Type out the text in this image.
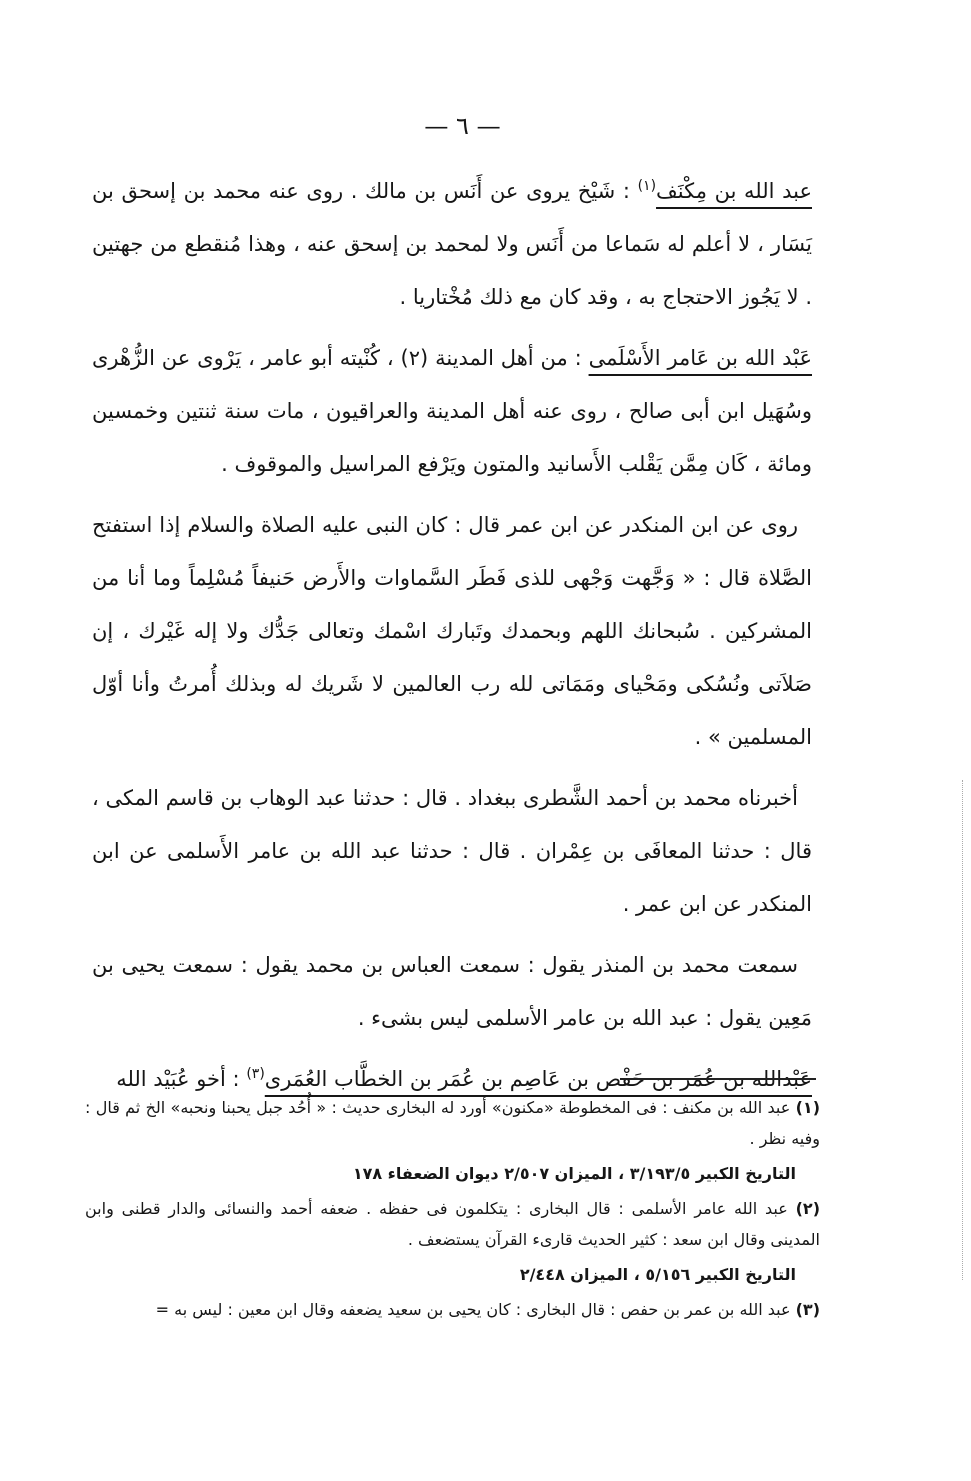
— ٦ —

عبد الله بن مِكْنَف$^{(١)}$ : شَيْخ يروى عن أَنَس بن مالك . روى عنه محمد بن إسحق بن يَسَار ، لا أعلم له سَماعا من أَنَس ولا لمحمد بن إسحق عنه ، وهذا مُنقطع من جهتين . لا يَجُوز الاحتجاج به ، وقد كان مع ذلك مُخْتاريا .

عَبْد الله بن عَامر الأَسْلَمى : من أهل المدينة (٢) ، كُنْيته أبو عامر ، يَرْوى عن الزُّهْرى وسُهَيل ابن أبى صالح ، روى عنه أهل المدينة والعراقيون ، مات سنة ثنتين وخمسين ومائة ، كَان مِمَّن يَقْلب الأَسانيد والمتون ويَرْفع المراسيل والموقوف .

روى عن ابن المنكدر عن ابن عمر قال : كان النبى عليه الصلاة والسلام إذا استفتح الصَّلاة قال : « وَجَّهت وَجْهى للذى فَطَر السَّماوات والأَرض حَنيفاً مُسْلِماً وما أنا من المشركين . سُبحانك اللهم وبحمدك وتَبارك اسْمك وتعالى جَدُّك ولا إله غَيْرك ، إن صَلاَتى ونُسُكى ومَحْياى ومَمَاتى لله رب العالمين لا شَريك له وبذلك أُمرتُ وأنا أوّل المسلمين » .

أخبرناه محمد بن أحمد الشَّطرى ببغداد . قال : حدثنا عبد الوهاب بن قاسم المكى ، قال : حدثنا المعافَى بن عِمْران . قال : حدثنا عبد الله بن عامر الأَسلمى عن ابن المنكدر عن ابن عمر .

سمعت محمد بن المنذر يقول : سمعت العباس بن محمد يقول : سمعت يحيى بن مَعِين يقول : عبد الله بن عامر الأسلمى ليس بشىء .

عَبْدالله بن عُمَر بن حَفْص بن عَاصِم بن عُمَر بن الخطَّاب العُمَرى$^{(٣)}$ : أخو عُبَيْد الله

(١) عبد الله بن مكنف : فى المخطوطة «مكنون» أورد له البخارى حديث : « أُحُد جبل يحبنا ونحبه» الخ ثم قال : وفيه نظر .

التاريخ الكبير ٣/١٩٣/٥ ، الميزان ٢/٥٠٧ ديوان الضعفاء ١٧٨

(٢) عبد الله عامر الأسلمى : قال البخارى : يتكلمون فى حفظه . ضعفه أحمد والنسائى والدار قطنى وابن المدينى وقال ابن سعد : كثير الحديث قارىء القرآن يستضعف .

التاريخ الكبير ٥/١٥٦ ، الميزان ٢/٤٤٨

(٣) عبد الله بن عمر بن حفص : قال البخارى : كان يحيى بن سعيد يضعفه وقال ابن معين : ليس به =
